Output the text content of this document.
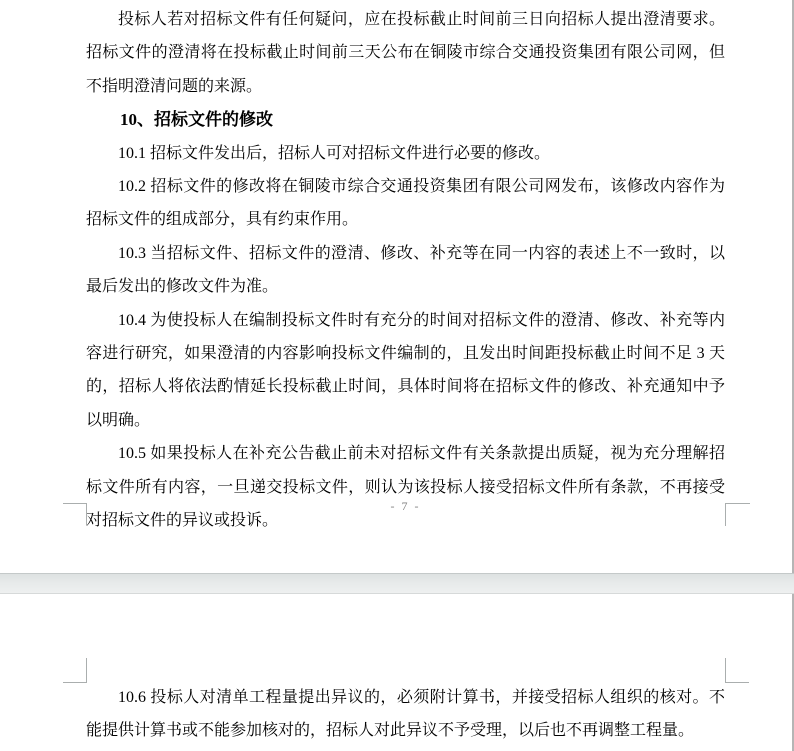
投标人若对招标文件有任何疑问，应在投标截止时间前三日向招标人提出澄清要求。招标文件的澄清将在投标截止时间前三天公布在铜陵市综合交通投资集团有限公司网，但不指明澄清问题的来源。

10、招标文件的修改

10.1 招标文件发出后，招标人可对招标文件进行必要的修改。

10.2 招标文件的修改将在铜陵市综合交通投资集团有限公司网发布，该修改内容作为招标文件的组成部分，具有约束作用。

10.3 当招标文件、招标文件的澄清、修改、补充等在同一内容的表述上不一致时，以最后发出的修改文件为准。

10.4 为使投标人在编制投标文件时有充分的时间对招标文件的澄清、修改、补充等内容进行研究，如果澄清的内容影响投标文件编制的，且发出时间距投标截止时间不足 3 天的，招标人将依法酌情延长投标截止时间，具体时间将在招标文件的修改、补充通知中予以明确。

10.5 如果投标人在补充公告截止前未对招标文件有关条款提出质疑，视为充分理解招标文件所有内容，一旦递交投标文件，则认为该投标人接受招标文件所有条款，不再接受对招标文件的异议或投诉。

- 7 -

10.6 投标人对清单工程量提出异议的，必须附计算书，并接受招标人组织的核对。不能提供计算书或不能参加核对的，招标人对此异议不予受理，以后也不再调整工程量。
